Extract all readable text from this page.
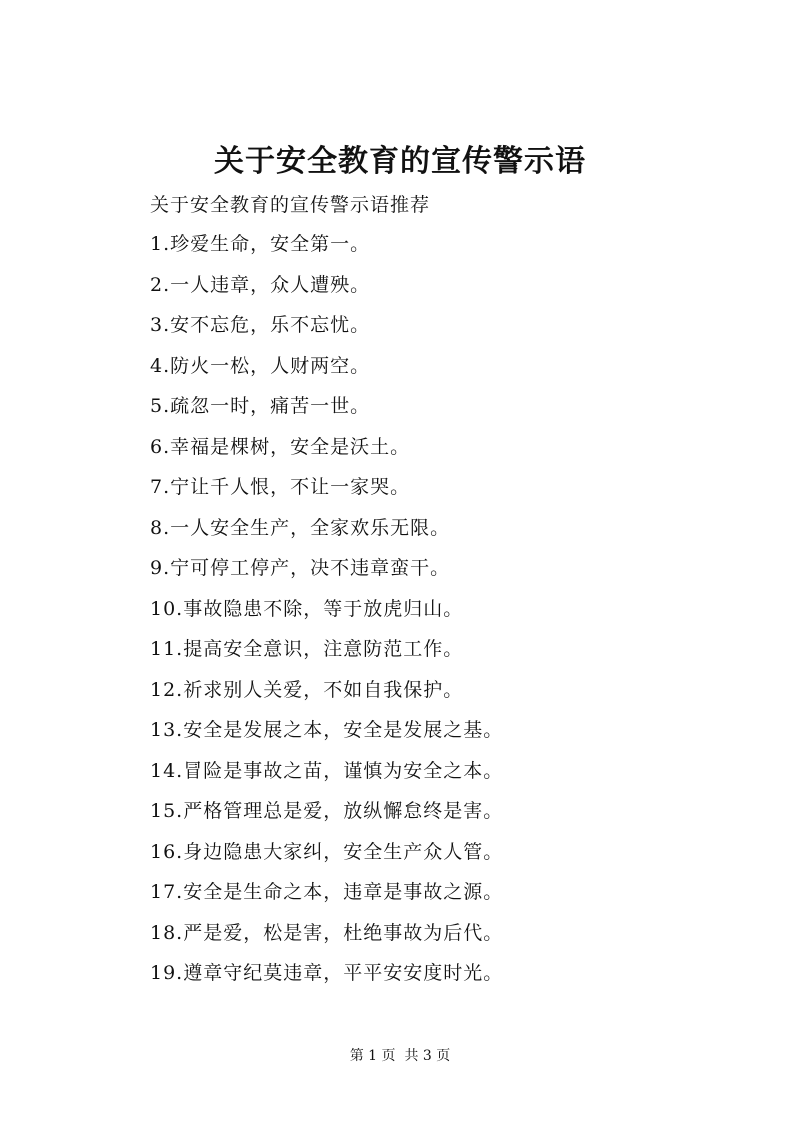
关于安全教育的宣传警示语
关于安全教育的宣传警示语推荐
1.珍爱生命，安全第一。
2.一人违章，众人遭殃。
3.安不忘危，乐不忘忧。
4.防火一松，人财两空。
5.疏忽一时，痛苦一世。
6.幸福是棵树，安全是沃土。
7.宁让千人恨，不让一家哭。
8.一人安全生产，全家欢乐无限。
9.宁可停工停产，决不违章蛮干。
10.事故隐患不除，等于放虎归山。
11.提高安全意识，注意防范工作。
12.祈求别人关爱，不如自我保护。
13.安全是发展之本，安全是发展之基。
14.冒险是事故之苗，谨慎为安全之本。
15.严格管理总是爱，放纵懈怠终是害。
16.身边隐患大家纠，安全生产众人管。
17.安全是生命之本，违章是事故之源。
18.严是爱，松是害，杜绝事故为后代。
19.遵章守纪莫违章，平平安安度时光。
第 1 页  共 3 页
